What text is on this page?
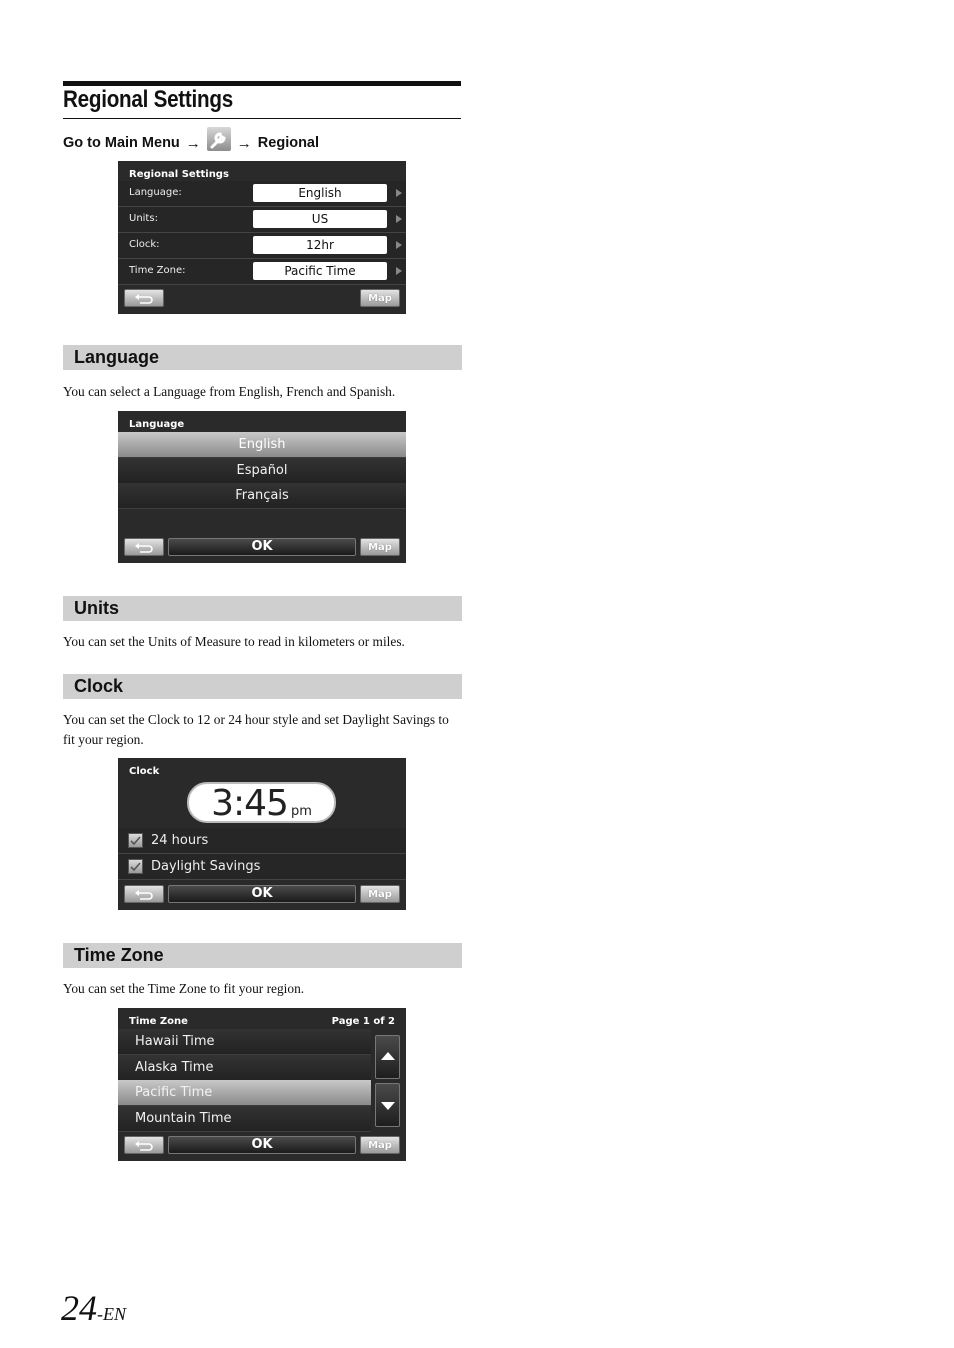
Regional Settings
Go to Main Menu → → Regional
Regional Settings
Language:	English
Units:	US
Clock:	12hr
Time Zone:	Pacific Time
Map
Language
You can select a Language from English, French and Spanish.
Language
English
Español
Français
OK	Map
Units
You can set the Units of Measure to read in kilometers or miles.
Clock
You can set the Clock to 12 or 24 hour style and set Daylight Savings to fit your region.
Clock
3:45 pm
24 hours
Daylight Savings
OK	Map
Time Zone
You can set the Time Zone to fit your region.
Time Zone	Page 1 of 2
Hawaii Time
Alaska Time
Pacific Time
Mountain Time
OK	Map
24-EN
